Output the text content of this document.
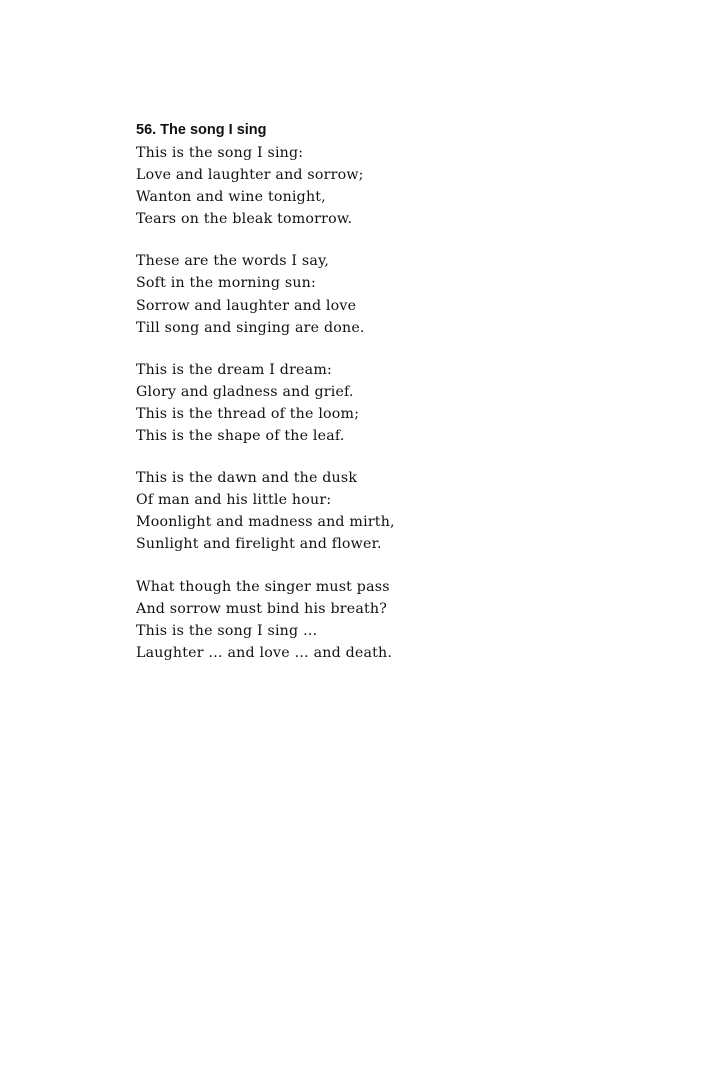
56. The song I sing

This is the song I sing:

Love and laughter and sorrow;

Wanton and wine tonight,

Tears on the bleak tomorrow.

These are the words I say,

Soft in the morning sun:

Sorrow and laughter and love

Till song and singing are done.

This is the dream I dream:

Glory and gladness and grief.

This is the thread of the loom;

This is the shape of the leaf.

This is the dawn and the dusk

Of man and his little hour:

Moonlight and madness and mirth,

Sunlight and firelight and flower.

What though the singer must pass

And sorrow must bind his breath?

This is the song I sing …

Laughter … and love … and death.
